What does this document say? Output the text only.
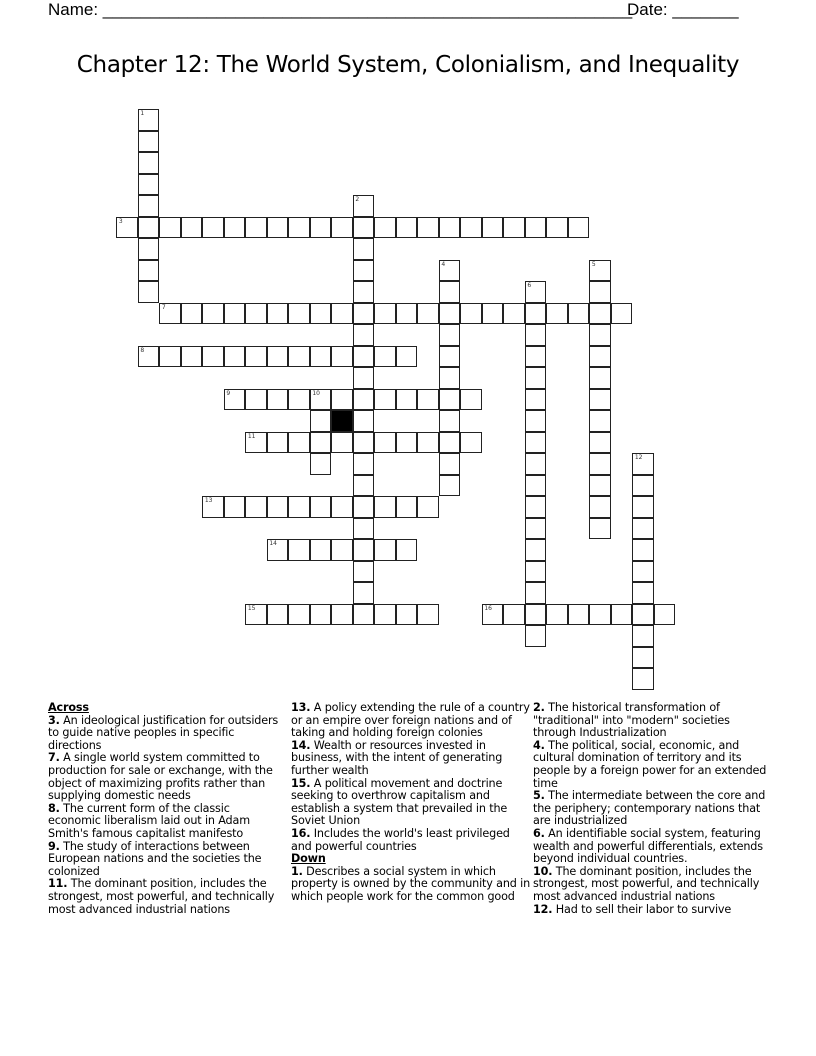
Name: ________________________________________________________
Date: _______
Chapter 12: The World System, Colonialism, and Inequality
1
2
3
4	5
6
7
8
9	10
11
12
13
14
15	16
Across
3. An ideological justification for outsiders to guide native peoples in specific directions
7. A single world system committed to production for sale or exchange, with the object of maximizing profits rather than supplying domestic needs
8. The current form of the classic economic liberalism laid out in Adam Smith's famous capitalist manifesto
9. The study of interactions between European nations and the societies the colonized
11. The dominant position, includes the strongest, most powerful, and technically most advanced industrial nations
13. A policy extending the rule of a country or an empire over foreign nations and of taking and holding foreign colonies
14. Wealth or resources invested in business, with the intent of generating further wealth
15. A political movement and doctrine seeking to overthrow capitalism and establish a system that prevailed in the Soviet Union
16. Includes the world's least privileged and powerful countries
Down
1. Describes a social system in which property is owned by the community and in which people work for the common good
2. The historical transformation of "traditional" into "modern" societies through Industrialization
4. The political, social, economic, and cultural domination of territory and its people by a foreign power for an extended time
5. The intermediate between the core and the periphery; contemporary nations that are industrialized
6. An identifiable social system, featuring wealth and powerful differentials, extends beyond individual countries.
10. The dominant position, includes the strongest, most powerful, and technically most advanced industrial nations
12. Had to sell their labor to survive
